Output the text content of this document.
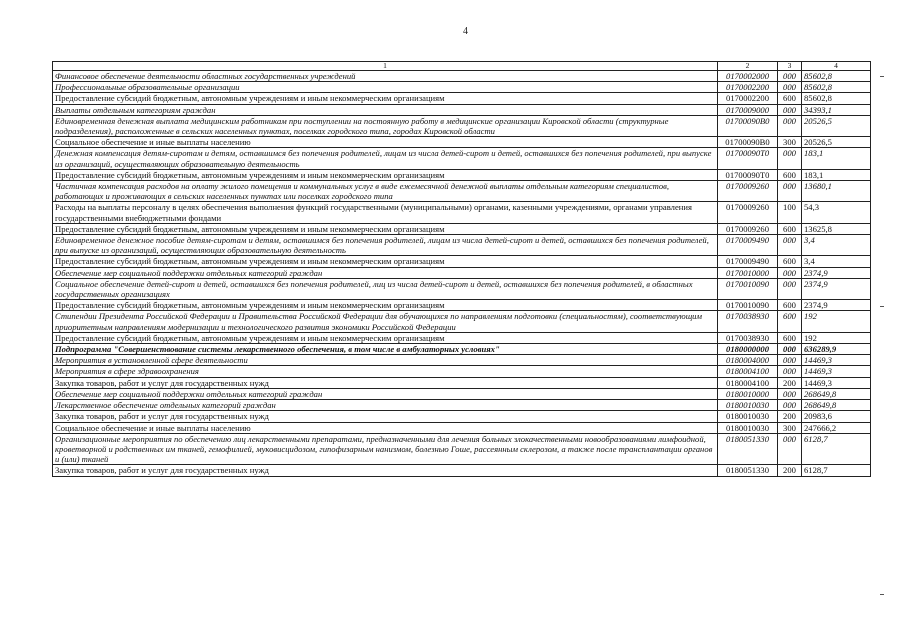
4
1	2	3	4
Финансовое обеспечение деятельности областных государственных учреждений	0170002000	000	85602,8
Профессиональные образовательные организации	0170002200	000	85602,8
Предоставление субсидий бюджетным, автономным учреждениям и иным некоммерческим организациям	0170002200	600	85602,8
Выплаты отдельным категориям граждан	0170009000	000	34393,1
Единовременная денежная выплата медицинским работникам при поступлении на постоянную работу в медицинские организации Кировской области (структурные подразделения), расположенные в сельских населенных пунктах, поселках городского типа, городах Кировской области	01700090В0	000	20526,5
Социальное обеспечение и иные выплаты населению	01700090В0	300	20526,5
Денежная компенсация детям-сиротам и детям, оставшимся без попечения родителей, лицам из числа детей-сирот и детей, оставшихся без попечения родителей, при выпуске из организаций, осуществляющих образовательную деятельность	01700090Т0	000	183,1
Предоставление субсидий бюджетным, автономным учреждениям и иным некоммерческим организациям	01700090Т0	600	183,1
Частичная компенсация расходов на оплату жилого помещения и коммунальных услуг в виде ежемесячной денежной выплаты отдельным категориям специалистов, работающих и проживающих в сельских населенных пунктах или поселках городского типа	0170009260	000	13680,1
Расходы на выплаты персоналу в целях обеспечения выполнения функций государственными (муниципальными) органами, казенными учреждениями, органами управления государственными внебюджетными фондами	0170009260	100	54,3
Предоставление субсидий бюджетным, автономным учреждениям и иным некоммерческим организациям	0170009260	600	13625,8
Единовременное денежное пособие детям-сиротам и детям, оставшимся без попечения родителей, лицам из числа детей-сирот и детей, оставшихся без попечения родителей, при выпуске из организаций, осуществляющих образовательную деятельность	0170009490	000	3,4
Предоставление субсидий бюджетным, автономным учреждениям и иным некоммерческим организациям	0170009490	600	3,4
Обеспечение мер социальной поддержки отдельных категорий граждан	0170010000	000	2374,9
Социальное обеспечение детей-сирот и детей, оставшихся без попечения родителей, лиц из числа детей-сирот и детей, оставшихся без попечения родителей, в областных государственных организациях	0170010090	000	2374,9
Предоставление субсидий бюджетным, автономным учреждениям и иным некоммерческим организациям	0170010090	600	2374,9
Стипендии Президента Российской Федерации и Правительства Российской Федерации для обучающихся по направлениям подготовки (специальностям), соответствующим приоритетным направлениям модернизации и технологического развития экономики Российской Федерации	0170038930	600	192
Предоставление субсидий бюджетным, автономным учреждениям и иным некоммерческим организациям	0170038930	600	192
Подпрограмма "Совершенствование системы лекарственного обеспечения, в том числе в амбулаторных условиях"	0180000000	000	636289,9
Мероприятия в установленной сфере деятельности	0180004000	000	14469,3
Мероприятия в сфере здравоохранения	0180004100	000	14469,3
Закупка товаров, работ и услуг для государственных нужд	0180004100	200	14469,3
Обеспечение мер социальной поддержки отдельных категорий граждан	0180010000	000	268649,8
Лекарственное обеспечение отдельных категорий граждан	0180010030	000	268649,8
Закупка товаров, работ и услуг для государственных нужд	0180010030	200	20983,6
Социальное обеспечение и иные выплаты населению	0180010030	300	247666,2
Организационные мероприятия по обеспечению лиц лекарственными препаратами, предназначенными для лечения больных злокачественными новообразованиями лимфоидной, кроветворной и родственных им тканей, гемофилией, муковисцидозом, гипофизарным нанизмом, болезнью Гоше, рассеянным склерозом, а также после трансплантации органов и (или) тканей	0180051330	000	6128,7
Закупка товаров, работ и услуг для государственных нужд	0180051330	200	6128,7
